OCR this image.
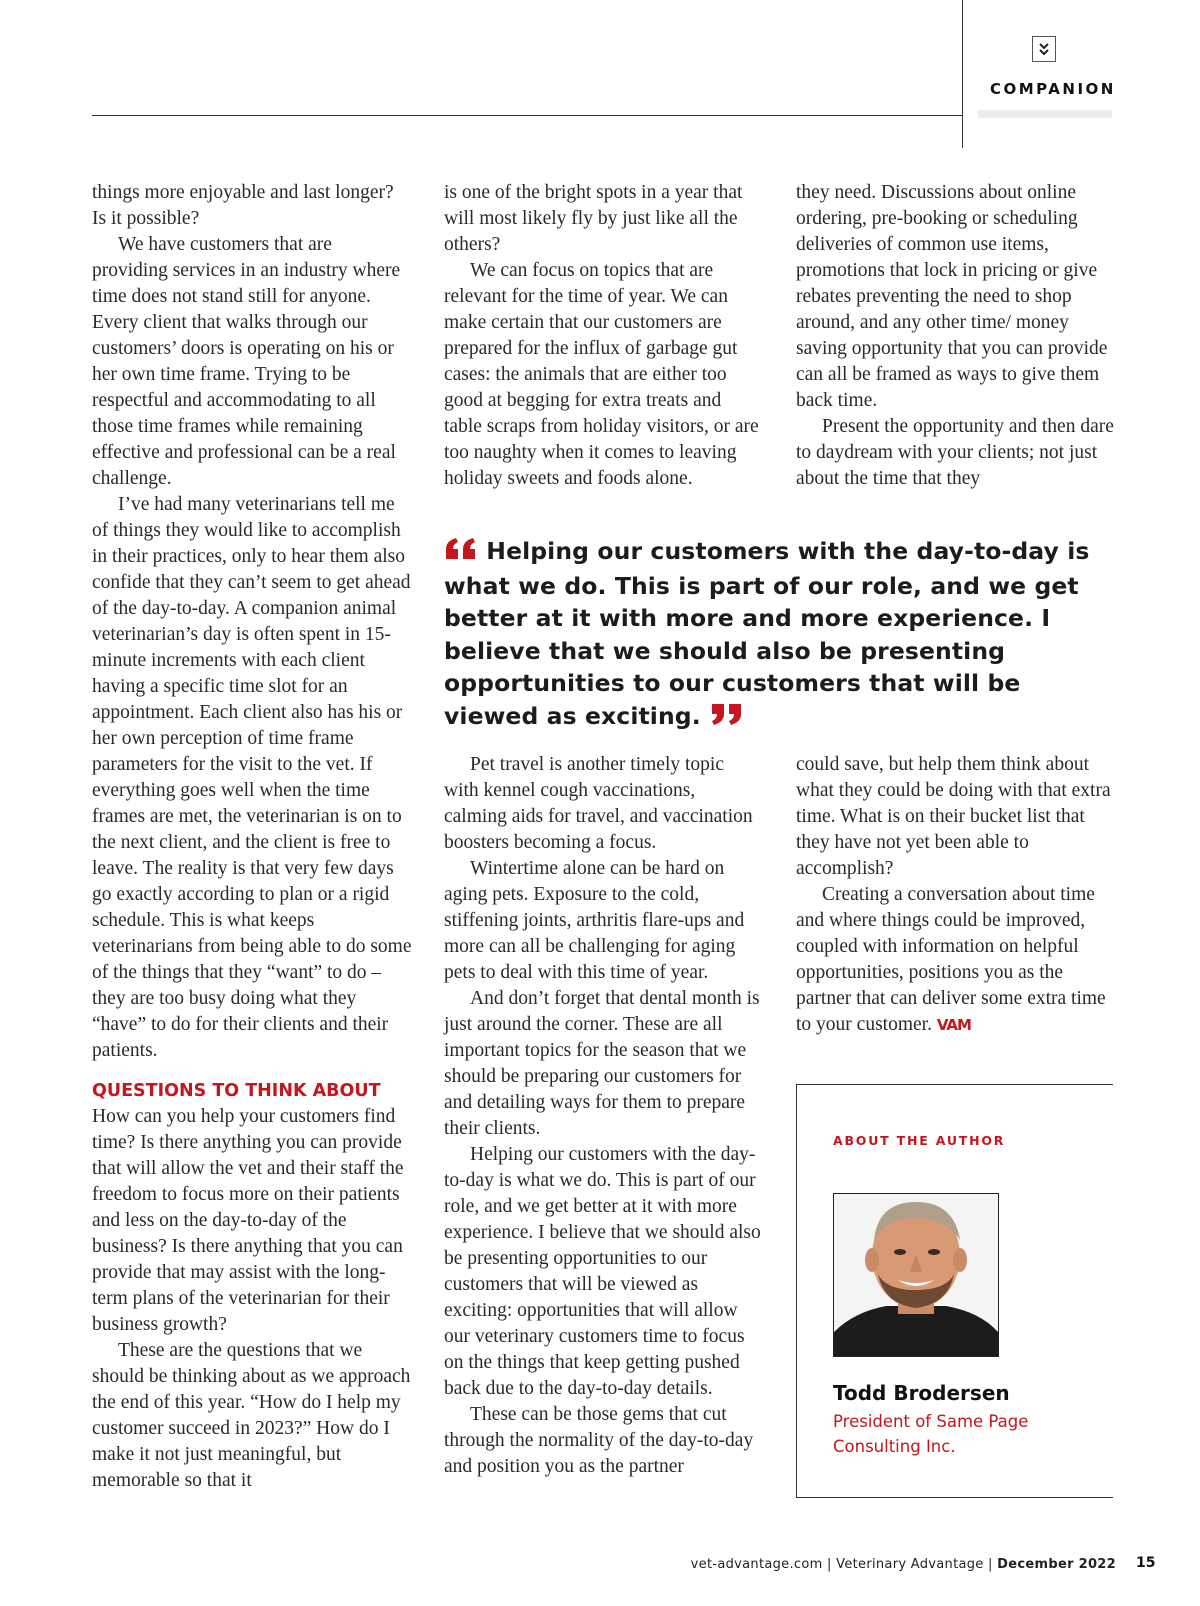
COMPANION

things more enjoyable and last longer? Is it possible?

We have customers that are providing services in an industry where time does not stand still for anyone. Every client that walks through our customers’ doors is operating on his or her own time frame. Trying to be respectful and accommodating to all those time frames while remaining effective and professional can be a real challenge.

I’ve had many veterinarians tell me of things they would like to accomplish in their practices, only to hear them also confide that they can’t seem to get ahead of the day-to-day. A companion animal veterinarian’s day is often spent in 15-minute increments with each client having a specific time slot for an appointment. Each client also has his or her own perception of time frame parameters for the visit to the vet. If everything goes well when the time frames are met, the veterinarian is on to the next client, and the client is free to leave. The reality is that very few days go exactly according to plan or a rigid schedule. This is what keeps veterinarians from being able to do some of the things that they “want” to do – they are too busy doing what they “have” to do for their clients and their patients.

QUESTIONS TO THINK ABOUT

How can you help your customers find time? Is there anything you can provide that will allow the vet and their staff the freedom to focus more on their patients and less on the day-to-day of the business? Is there anything that you can provide that may assist with the long-term plans of the veterinarian for their business growth?

These are the questions that we should be thinking about as we approach the end of this year. “How do I help my customer succeed in 2023?” How do I make it not just meaningful, but memorable so that it

is one of the bright spots in a year that will most likely fly by just like all the others?

We can focus on topics that are relevant for the time of year. We can make certain that our customers are prepared for the influx of garbage gut cases: the animals that are either too good at begging for extra treats and table scraps from holiday visitors, or are too naughty when it comes to leaving holiday sweets and foods alone.

they need. Discussions about online ordering, pre-booking or scheduling deliveries of common use items, promotions that lock in pricing or give rebates preventing the need to shop around, and any other time/ money saving opportunity that you can provide can all be framed as ways to give them back time.

Present the opportunity and then dare to daydream with your clients; not just about the time that they

Helping our customers with the day-to-day is what we do. This is part of our role, and we get better at it with more and more experience. I believe that we should also be presenting opportunities to our customers that will be viewed as exciting.

Pet travel is another timely topic with kennel cough vaccinations, calming aids for travel, and vaccination boosters becoming a focus.

Wintertime alone can be hard on aging pets. Exposure to the cold, stiffening joints, arthritis flare-ups and more can all be challenging for aging pets to deal with this time of year.

And don’t forget that dental month is just around the corner. These are all important topics for the season that we should be preparing our customers for and detailing ways for them to prepare their clients.

Helping our customers with the day-to-day is what we do. This is part of our role, and we get better at it with more experience. I believe that we should also be presenting opportunities to our customers that will be viewed as exciting: opportunities that will allow our veterinary customers time to focus on the things that keep getting pushed back due to the day-to-day details.

These can be those gems that cut through the normality of the day-to-day and position you as the partner

could save, but help them think about what they could be doing with that extra time. What is on their bucket list that they have not yet been able to accomplish?

Creating a conversation about time and where things could be improved, coupled with information on helpful opportunities, positions you as the partner that can deliver some extra time to your customer. VAM

ABOUT THE AUTHOR
Todd Brodersen
President of Same Page Consulting Inc.
vet-advantage.com | Veterinary Advantage | December 2022 15
